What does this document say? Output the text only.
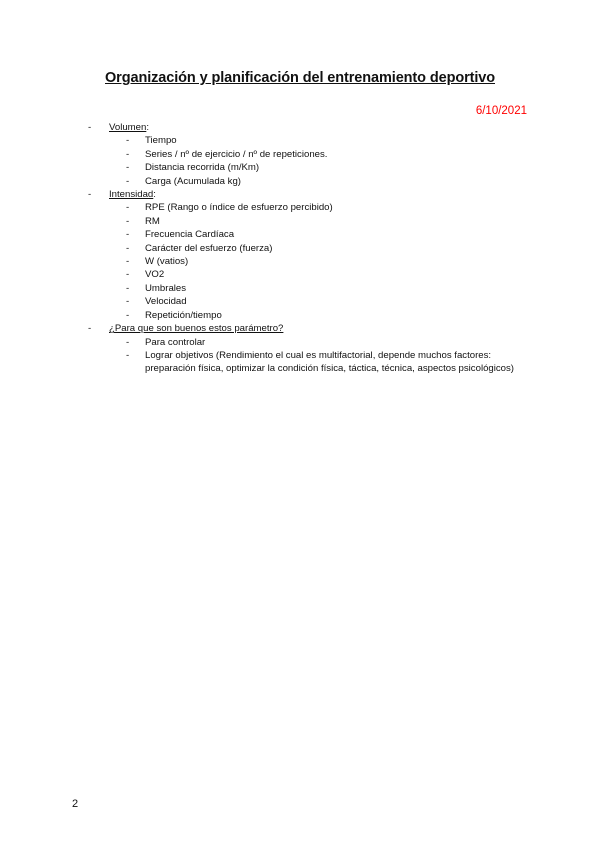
Organización y planificación del entrenamiento deportivo
6/10/2021
- Volumen:
- Tiempo
- Series / nº de ejercicio / nº de repeticiones.
- Distancia recorrida (m/Km)
- Carga (Acumulada kg)
- Intensidad:
- RPE (Rango o índice de esfuerzo percibido)
- RM
- Frecuencia Cardíaca
- Carácter del esfuerzo (fuerza)
- W (vatios)
- VO2
- Umbrales
- Velocidad
- Repetición/tiempo
- ¿Para que son buenos estos parámetro?
- Para controlar
- Lograr objetivos (Rendimiento el cual es multifactorial, depende muchos factores: preparación física, optimizar la condición física, táctica, técnica, aspectos psicológicos)
2
